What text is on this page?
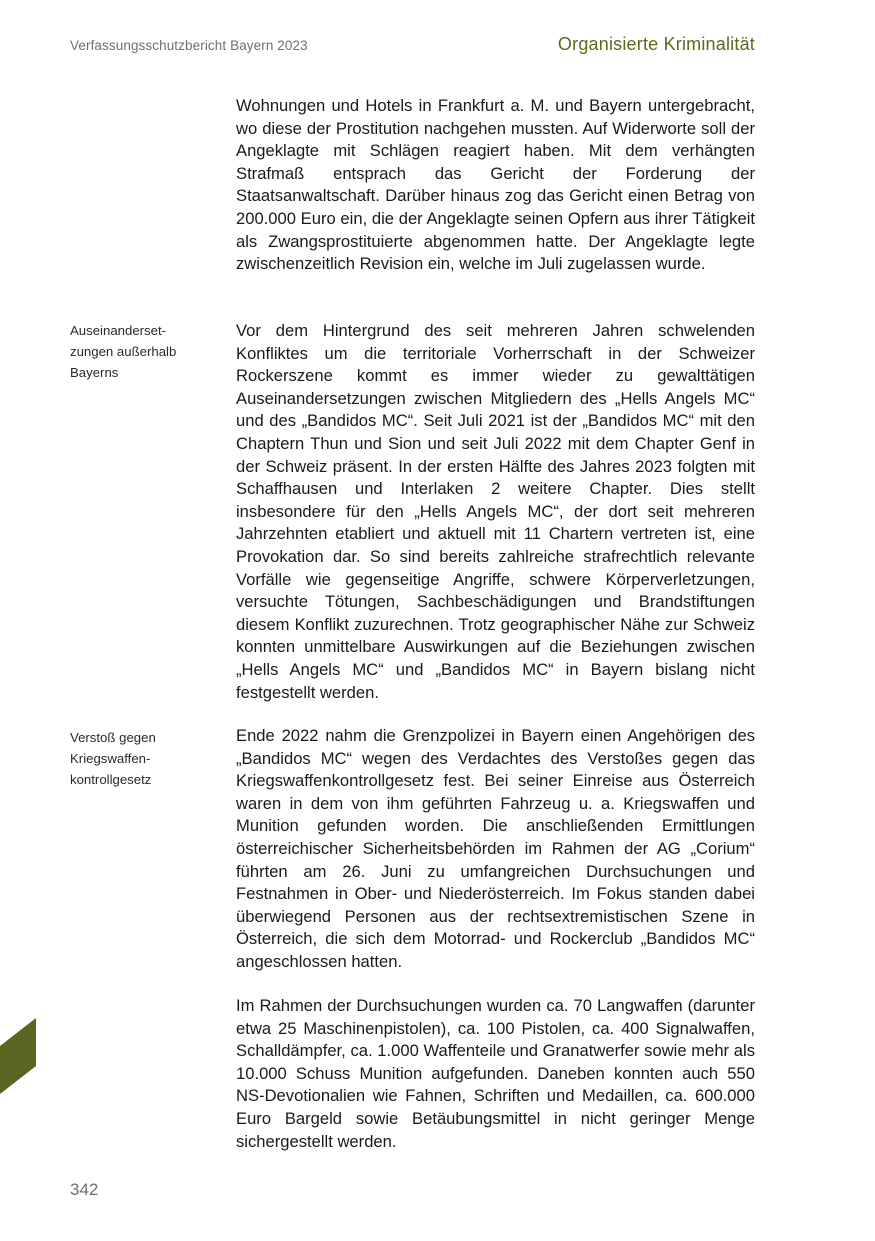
Verfassungsschutzbericht Bayern 2023	Organisierte Kriminalität
Auseinanderset-
zungen außerhalb
Bayerns
Verstoß gegen
Kriegswaffen-
kontrollgesetz

Wohnungen und Hotels in Frankfurt a. M. und Bayern untergebracht, wo diese der Prostitution nachgehen mussten. Auf Widerworte soll der Angeklagte mit Schlägen reagiert haben. Mit dem verhängten Strafmaß entsprach das Gericht der Forderung der Staatsanwaltschaft. Darüber hinaus zog das Gericht einen Betrag von 200.000 Euro ein, die der Angeklagte seinen Opfern aus ihrer Tätigkeit als Zwangsprostituierte abgenommen hatte. Der Angeklagte legte zwischenzeitlich Revision ein, welche im Juli zugelassen wurde.

Vor dem Hintergrund des seit mehreren Jahren schwelenden Konfliktes um die territoriale Vorherrschaft in der Schweizer Rockerszene kommt es immer wieder zu gewalttätigen Auseinandersetzungen zwischen Mitgliedern des „Hells Angels MC“ und des „Bandidos MC“. Seit Juli 2021 ist der „Bandidos MC“ mit den Chaptern Thun und Sion und seit Juli 2022 mit dem Chapter Genf in der Schweiz präsent. In der ersten Hälfte des Jahres 2023 folgten mit Schaffhausen und Interlaken 2 weitere Chapter. Dies stellt insbesondere für den „Hells Angels MC“, der dort seit mehreren Jahrzehnten etabliert und aktuell mit 11 Chartern vertreten ist, eine Provokation dar. So sind bereits zahlreiche strafrechtlich relevante Vorfälle wie gegenseitige Angriffe, schwere Körperverletzungen, versuchte Tötungen, Sachbeschädigungen und Brandstiftungen diesem Konflikt zuzurechnen. Trotz geographischer Nähe zur Schweiz konnten unmittelbare Auswirkungen auf die Beziehungen zwischen „Hells Angels MC“ und „Bandidos MC“ in Bayern bislang nicht festgestellt werden.

Ende 2022 nahm die Grenzpolizei in Bayern einen Angehörigen des „Bandidos MC“ wegen des Verdachtes des Verstoßes gegen das Kriegswaffenkontrollgesetz fest. Bei seiner Einreise aus Österreich waren in dem von ihm geführten Fahrzeug u. a. Kriegswaffen und Munition gefunden worden. Die anschließenden Ermittlungen österreichischer Sicherheitsbehörden im Rahmen der AG „Corium“ führten am 26. Juni zu umfangreichen Durchsuchungen und Festnahmen in Ober- und Niederösterreich. Im Fokus standen dabei überwiegend Personen aus der rechtsextremistischen Szene in Österreich, die sich dem Motorrad- und Rockerclub „Bandidos MC“ angeschlossen hatten.

Im Rahmen der Durchsuchungen wurden ca. 70 Langwaffen (darunter etwa 25 Maschinenpistolen), ca. 100 Pistolen, ca. 400 Signalwaffen, Schalldämpfer, ca. 1.000 Waffenteile und Granatwerfer sowie mehr als 10.000 Schuss Munition aufgefunden. Daneben konnten auch 550 NS-Devotionalien wie Fahnen, Schriften und Medaillen, ca. 600.000 Euro Bargeld sowie Betäubungsmittel in nicht geringer Menge sichergestellt werden.

342
